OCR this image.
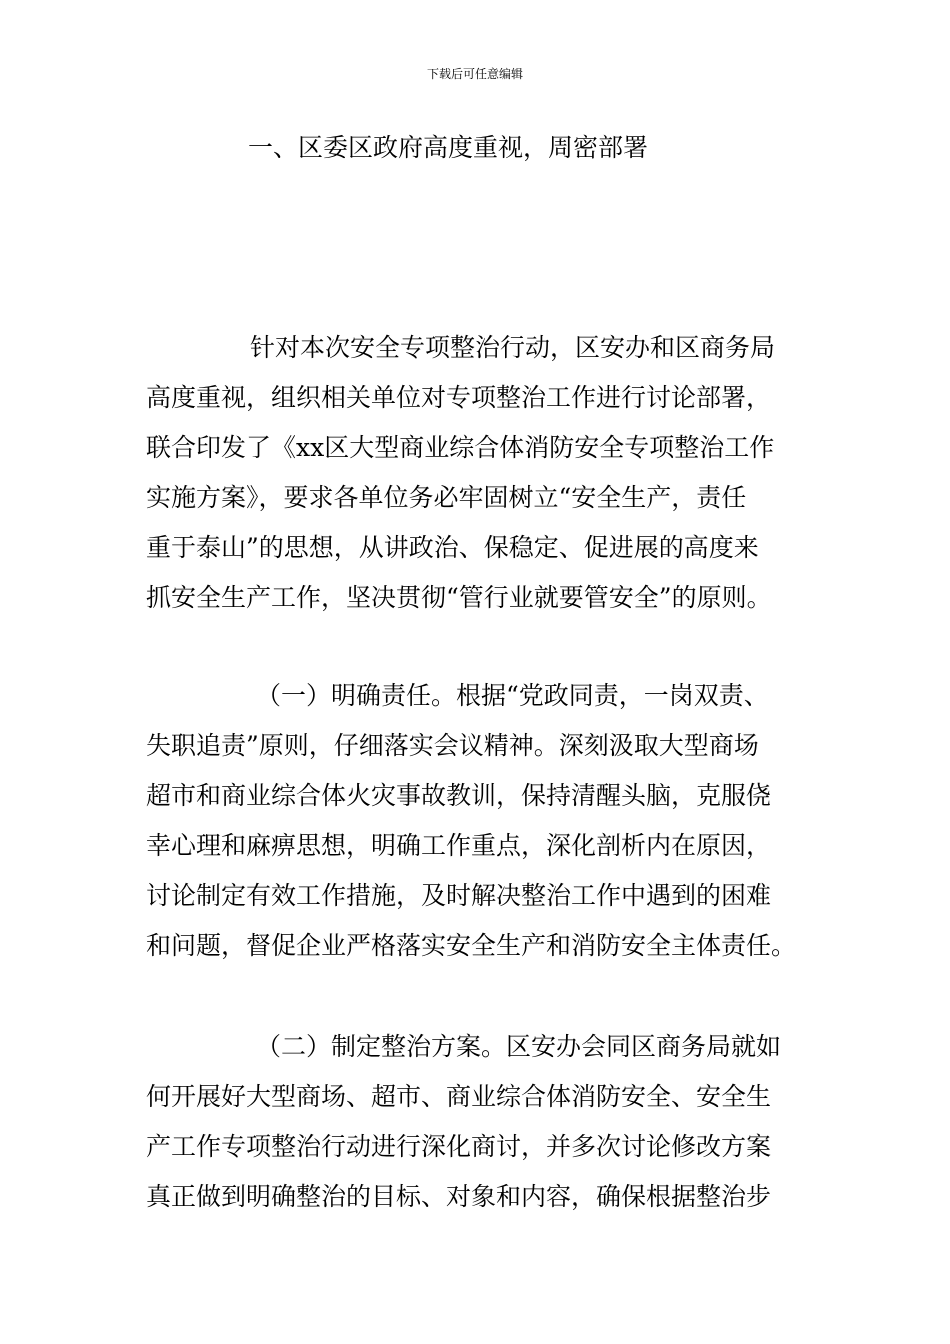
下载后可任意编辑
一、区委区政府高度重视，周密部署
针对本次安全专项整治行动，区安办和区商务局
高度重视，组织相关单位对专项整治工作进行讨论部署，
联合印发了《xx区大型商业综合体消防安全专项整治工作
实施方案》，要求各单位务必牢固树立“安全生产，责任
重于泰山”的思想，从讲政治、保稳定、促进展的高度来
抓安全生产工作，坚决贯彻“管行业就要管安全”的原则。
（一）明确责任。根据“党政同责，一岗双责、
失职追责”原则，仔细落实会议精神。深刻汲取大型商场
超市和商业综合体火灾事故教训，保持清醒头脑，克服侥
幸心理和麻痹思想，明确工作重点，深化剖析内在原因，
讨论制定有效工作措施，及时解决整治工作中遇到的困难
和问题，督促企业严格落实安全生产和消防安全主体责任。
（二）制定整治方案。区安办会同区商务局就如
何开展好大型商场、超市、商业综合体消防安全、安全生
产工作专项整治行动进行深化商讨，并多次讨论修改方案
真正做到明确整治的目标、对象和内容，确保根据整治步
